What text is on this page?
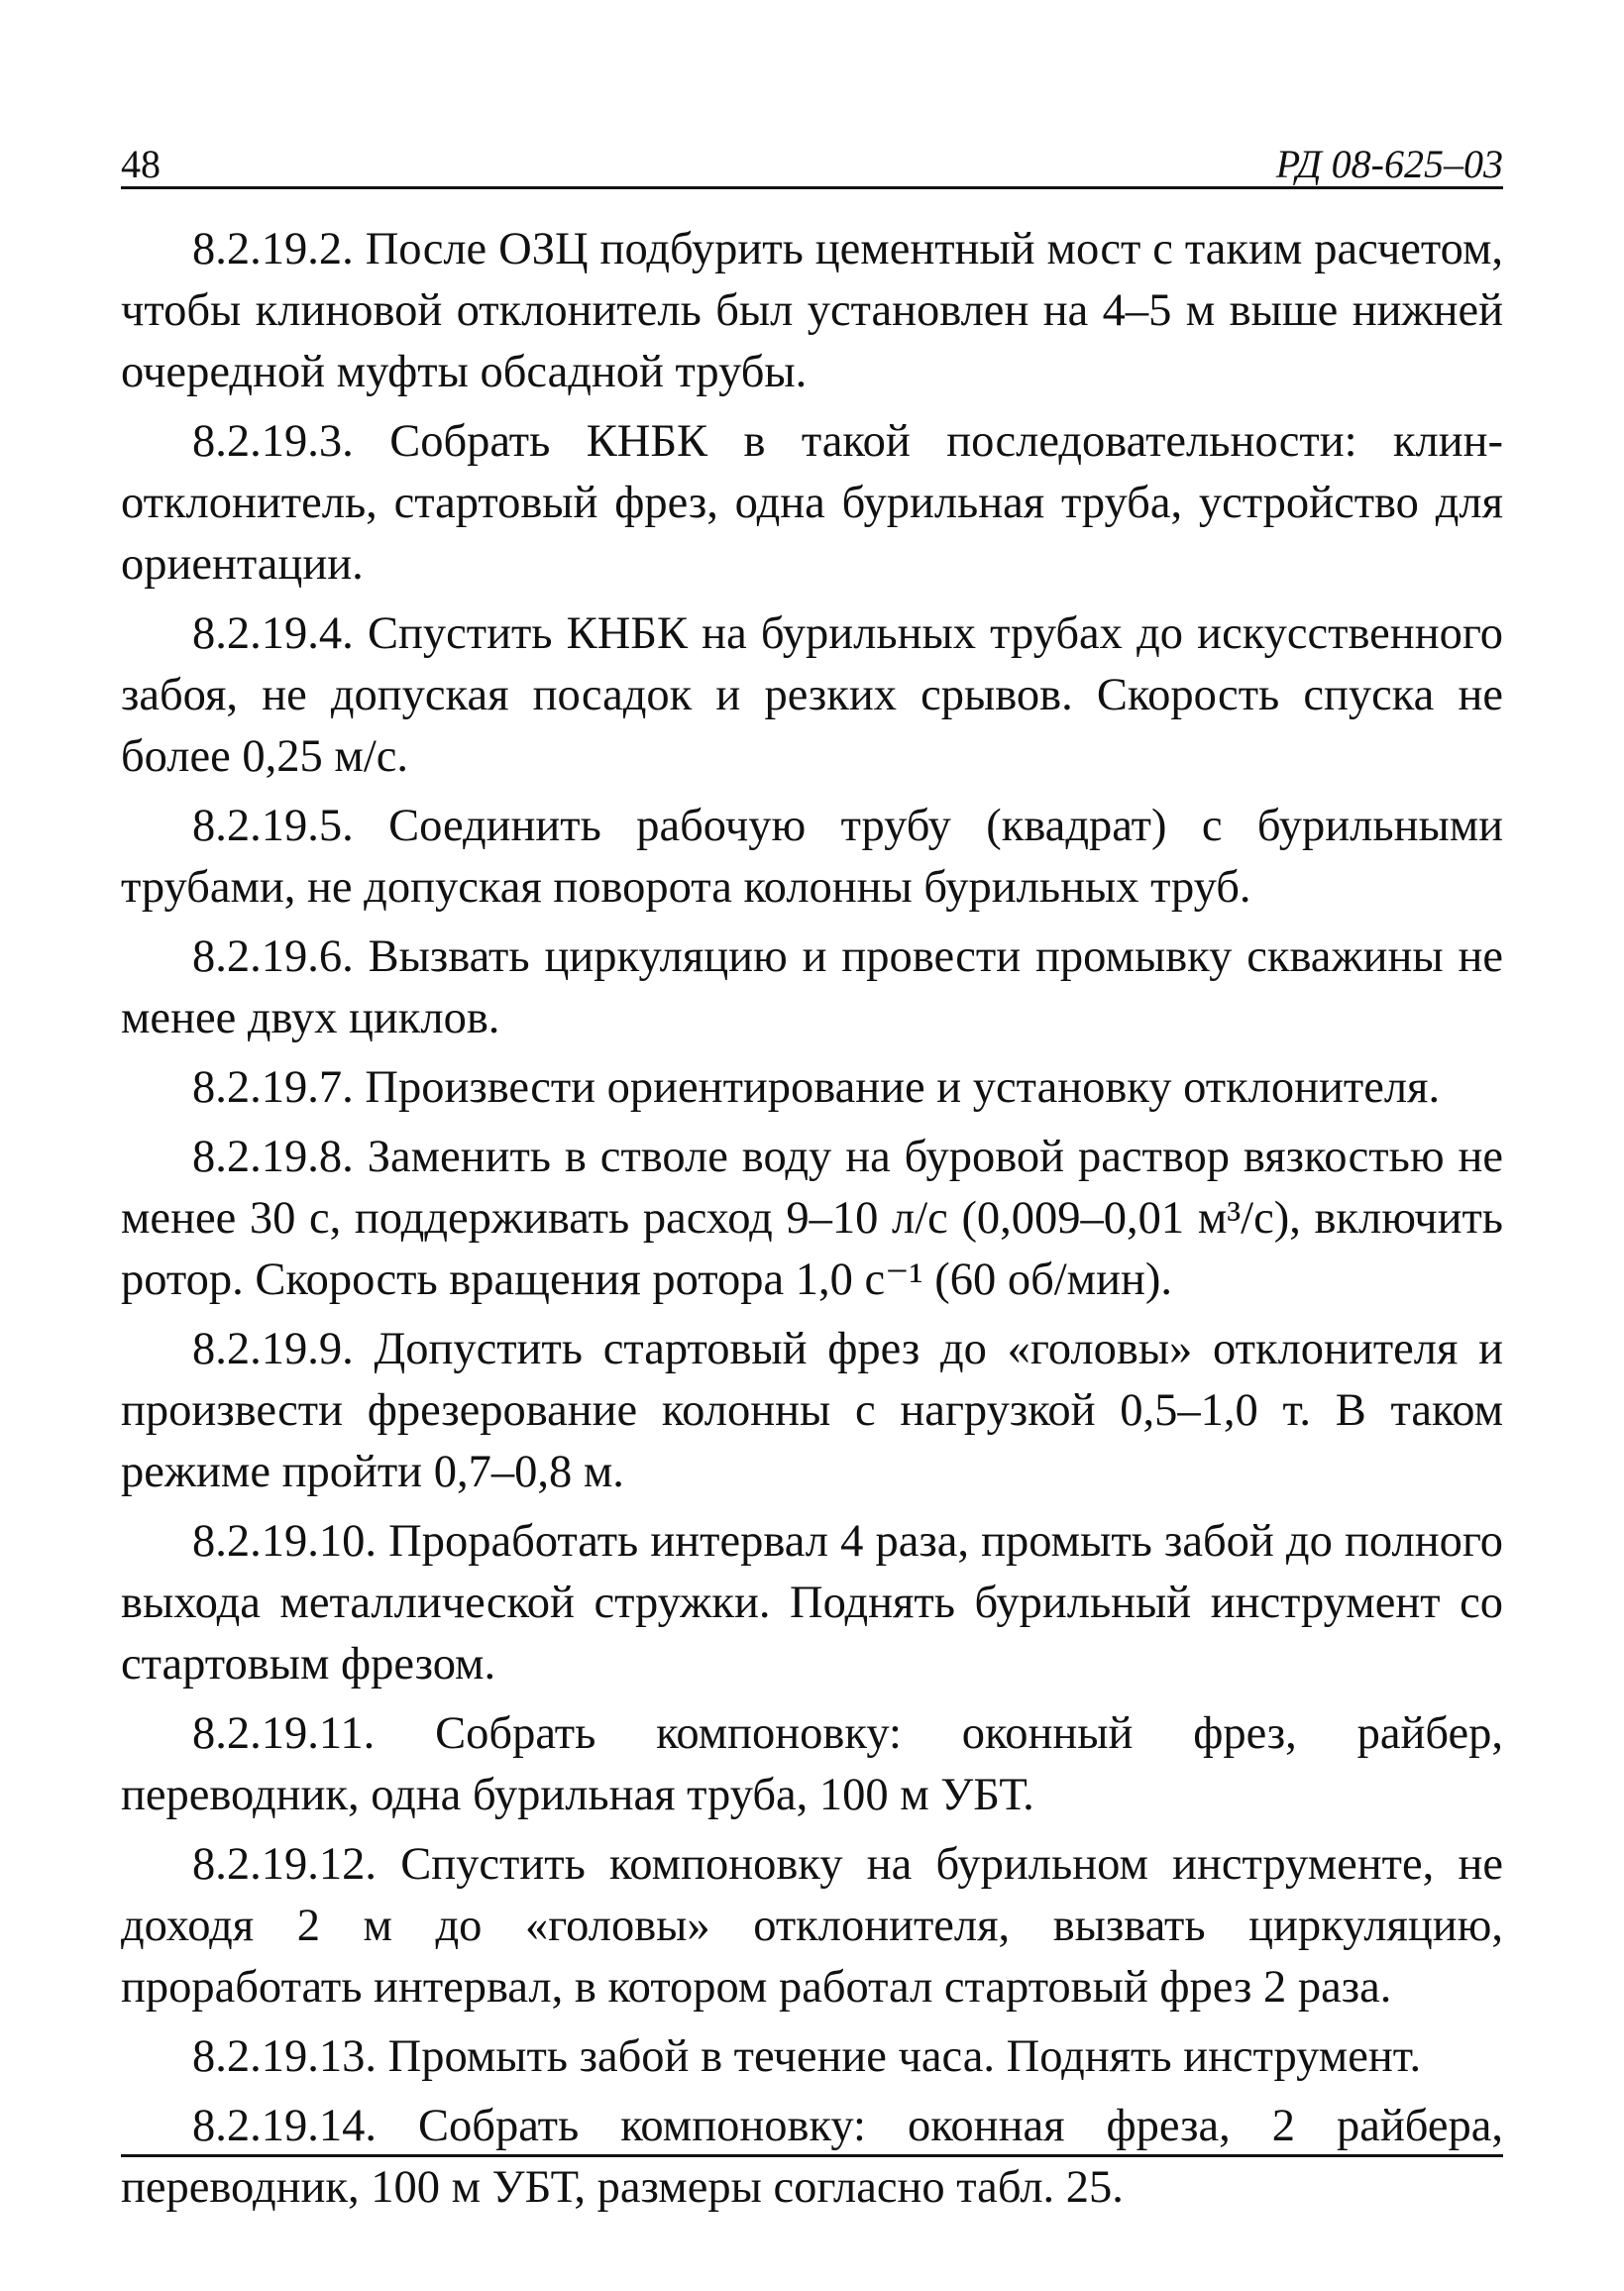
48	РД 08-625–03

8.2.19.2. После ОЗЦ подбурить цементный мост с таким расчетом, чтобы клиновой отклонитель был установлен на 4–5 м выше нижней очередной муфты обсадной трубы.

8.2.19.3. Собрать КНБК в такой последовательности: клин-отклонитель, стартовый фрез, одна бурильная труба, устройство для ориентации.

8.2.19.4. Спустить КНБК на бурильных трубах до искусственного забоя, не допуская посадок и резких срывов. Скорость спуска не более 0,25 м/с.

8.2.19.5. Соединить рабочую трубу (квадрат) с бурильными трубами, не допуская поворота колонны бурильных труб.

8.2.19.6. Вызвать циркуляцию и провести промывку скважины не менее двух циклов.

8.2.19.7. Произвести ориентирование и установку отклонителя.

8.2.19.8. Заменить в стволе воду на буровой раствор вязкостью не менее 30 с, поддерживать расход 9–10 л/с (0,009–0,01 м³/с), включить ротор. Скорость вращения ротора 1,0 с⁻¹ (60 об/мин).

8.2.19.9. Допустить стартовый фрез до «головы» отклонителя и произвести фрезерование колонны с нагрузкой 0,5–1,0 т. В таком режиме пройти 0,7–0,8 м.

8.2.19.10. Проработать интервал 4 раза, промыть забой до полного выхода металлической стружки. Поднять бурильный инструмент со стартовым фрезом.

8.2.19.11. Собрать компоновку: оконный фрез, райбер, переводник, одна бурильная труба, 100 м УБТ.

8.2.19.12. Спустить компоновку на бурильном инструменте, не доходя 2 м до «головы» отклонителя, вызвать циркуляцию, проработать интервал, в котором работал стартовый фрез 2 раза.

8.2.19.13. Промыть забой в течение часа. Поднять инструмент.

8.2.19.14. Собрать компоновку: оконная фреза, 2 райбера, переводник, 100 м УБТ, размеры согласно табл. 25.
